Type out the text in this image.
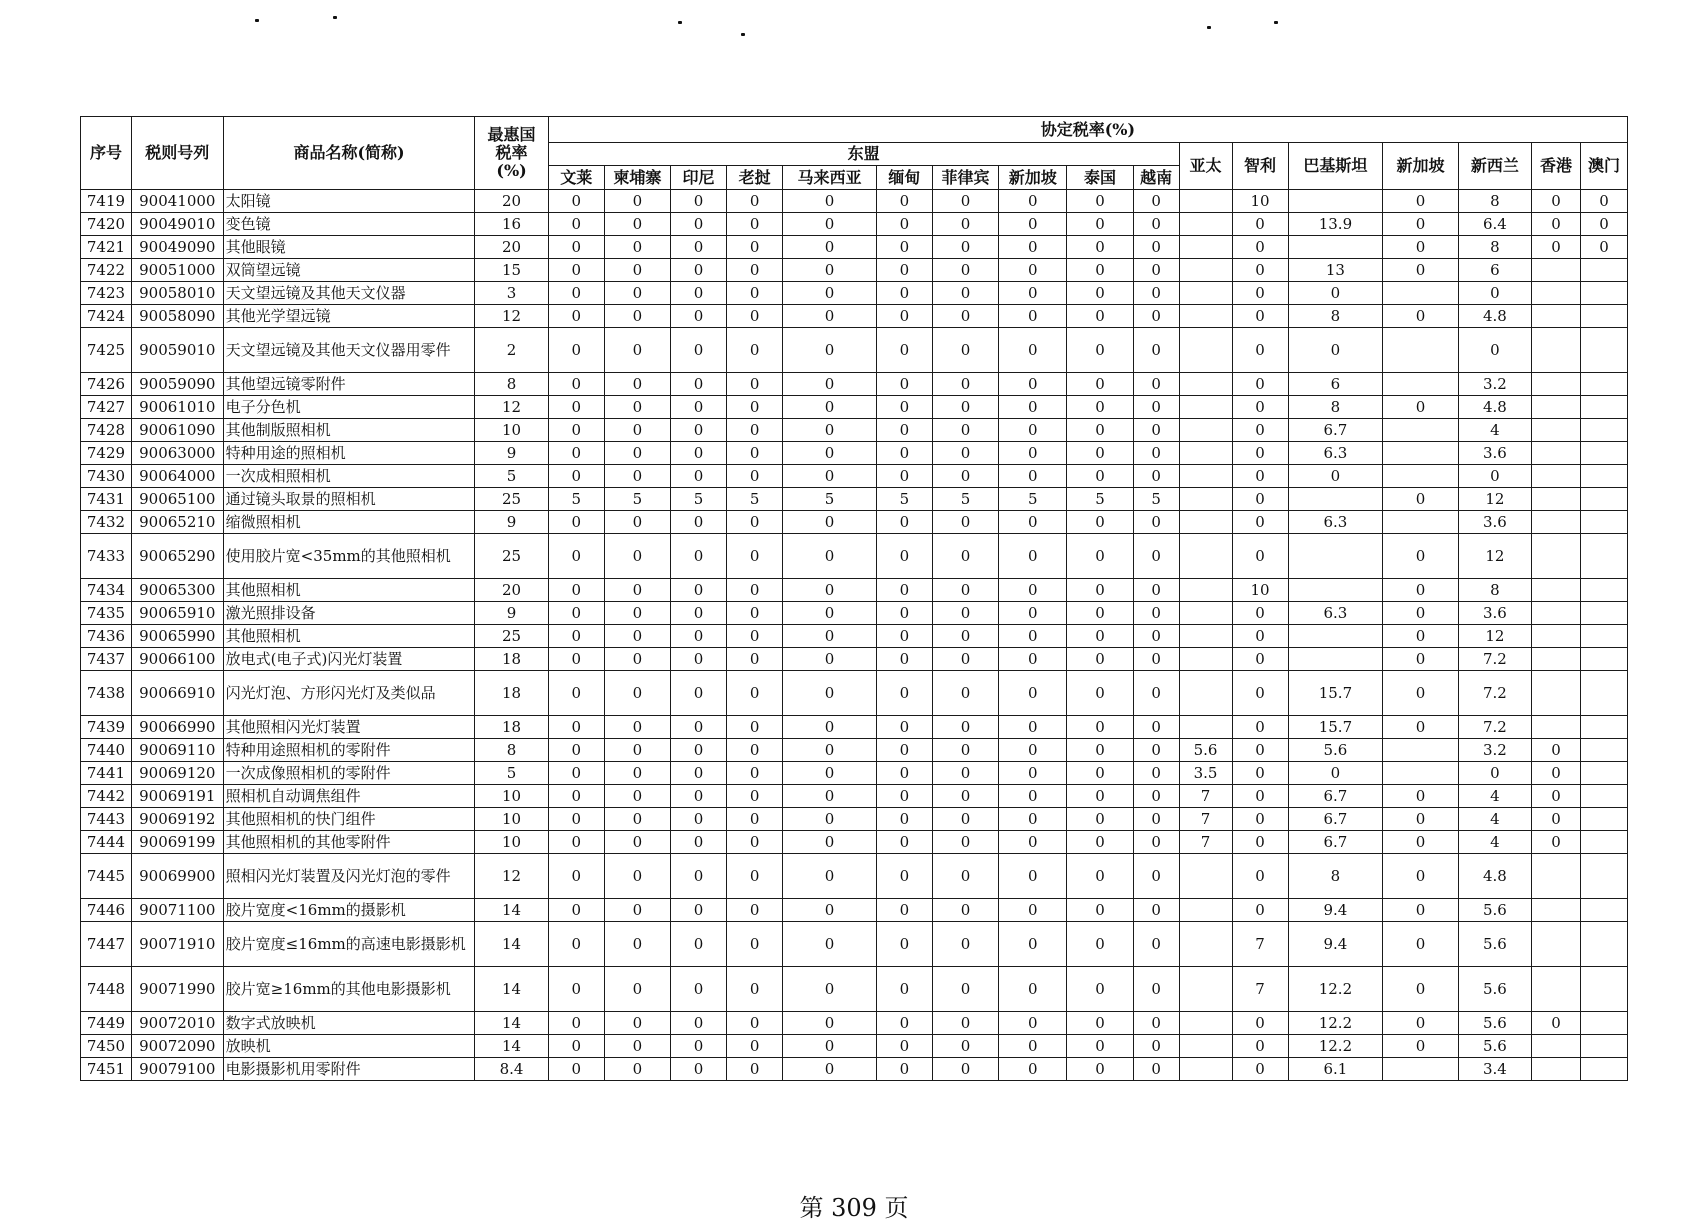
序号	税则号列	商品名称(简称)	最惠国
税率
(%)	协定税率(%)																
				东盟										亚太	智利	巴基斯坦	新加坡	新西兰	香港	澳门
				文莱	柬埔寨	印尼	老挝	马来西亚	缅甸	菲律宾	新加坡	泰国	越南							
7419	90041000	太阳镜	20	0	0	0	0	0	0	0	0	0	0		10		0	8	0	0
7420	90049010	变色镜	16	0	0	0	0	0	0	0	0	0	0		0	13.9	0	6.4	0	0
7421	90049090	其他眼镜	20	0	0	0	0	0	0	0	0	0	0		0		0	8	0	0
7422	90051000	双筒望远镜	15	0	0	0	0	0	0	0	0	0	0		0	13	0	6		
7423	90058010	天文望远镜及其他天文仪器	3	0	0	0	0	0	0	0	0	0	0		0	0		0		
7424	90058090	其他光学望远镜	12	0	0	0	0	0	0	0	0	0	0		0	8	0	4.8		
7425	90059010	天文望远镜及其他天文仪器用零件	2	0	0	0	0	0	0	0	0	0	0		0	0		0		
7426	90059090	其他望远镜零附件	8	0	0	0	0	0	0	0	0	0	0		0	6		3.2		
7427	90061010	电子分色机	12	0	0	0	0	0	0	0	0	0	0		0	8	0	4.8		
7428	90061090	其他制版照相机	10	0	0	0	0	0	0	0	0	0	0		0	6.7		4		
7429	90063000	特种用途的照相机	9	0	0	0	0	0	0	0	0	0	0		0	6.3		3.6		
7430	90064000	一次成相照相机	5	0	0	0	0	0	0	0	0	0	0		0	0		0		
7431	90065100	通过镜头取景的照相机	25	5	5	5	5	5	5	5	5	5	5		0		0	12		
7432	90065210	缩微照相机	9	0	0	0	0	0	0	0	0	0	0		0	6.3		3.6		
7433	90065290	使用胶片宽<35mm的其他照相机	25	0	0	0	0	0	0	0	0	0	0		0		0	12		
7434	90065300	其他照相机	20	0	0	0	0	0	0	0	0	0	0		10		0	8		
7435	90065910	激光照排设备	9	0	0	0	0	0	0	0	0	0	0		0	6.3	0	3.6		
7436	90065990	其他照相机	25	0	0	0	0	0	0	0	0	0	0		0		0	12		
7437	90066100	放电式(电子式)闪光灯装置	18	0	0	0	0	0	0	0	0	0	0		0		0	7.2		
7438	90066910	闪光灯泡、方形闪光灯及类似品	18	0	0	0	0	0	0	0	0	0	0		0	15.7	0	7.2		
7439	90066990	其他照相闪光灯装置	18	0	0	0	0	0	0	0	0	0	0		0	15.7	0	7.2		
7440	90069110	特种用途照相机的零附件	8	0	0	0	0	0	0	0	0	0	0	5.6	0	5.6		3.2	0	
7441	90069120	一次成像照相机的零附件	5	0	0	0	0	0	0	0	0	0	0	3.5	0	0		0	0	
7442	90069191	照相机自动调焦组件	10	0	0	0	0	0	0	0	0	0	0	7	0	6.7	0	4	0	
7443	90069192	其他照相机的快门组件	10	0	0	0	0	0	0	0	0	0	0	7	0	6.7	0	4	0	
7444	90069199	其他照相机的其他零附件	10	0	0	0	0	0	0	0	0	0	0	7	0	6.7	0	4	0	
7445	90069900	照相闪光灯装置及闪光灯泡的零件	12	0	0	0	0	0	0	0	0	0	0		0	8	0	4.8		
7446	90071100	胶片宽度<16mm的摄影机	14	0	0	0	0	0	0	0	0	0	0		0	9.4	0	5.6		
7447	90071910	胶片宽度≤16mm的高速电影摄影机	14	0	0	0	0	0	0	0	0	0	0		7	9.4	0	5.6		
7448	90071990	胶片宽≥16mm的其他电影摄影机	14	0	0	0	0	0	0	0	0	0	0		7	12.2	0	5.6		
7449	90072010	数字式放映机	14	0	0	0	0	0	0	0	0	0	0		0	12.2	0	5.6	0	
7450	90072090	放映机	14	0	0	0	0	0	0	0	0	0	0		0	12.2	0	5.6		
7451	90079100	电影摄影机用零附件	8.4	0	0	0	0	0	0	0	0	0	0		0	6.1		3.4		
第 309 页
